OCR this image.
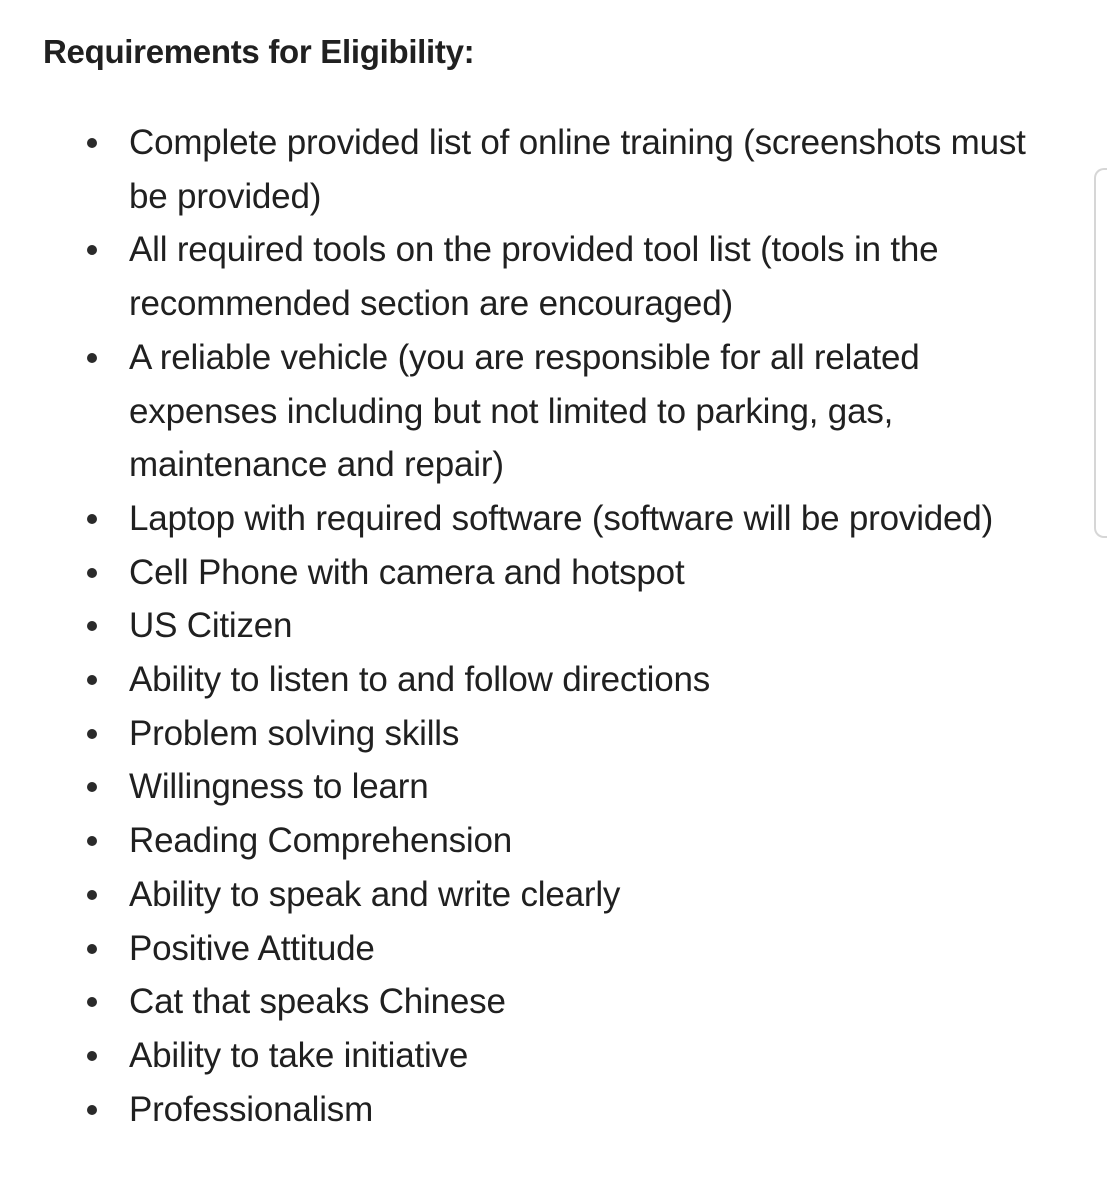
Requirements for Eligibility:
Complete provided list of online training (screenshots must be provided)
All required tools on the provided tool list (tools in the recommended section are encouraged)
A reliable vehicle (you are responsible for all related expenses including but not limited to parking, gas, maintenance and repair)
Laptop with required software (software will be provided)
Cell Phone with camera and hotspot
US Citizen
Ability to listen to and follow directions
Problem solving skills
Willingness to learn
Reading Comprehension
Ability to speak and write clearly
Positive Attitude
Cat that speaks Chinese
Ability to take initiative
Professionalism
